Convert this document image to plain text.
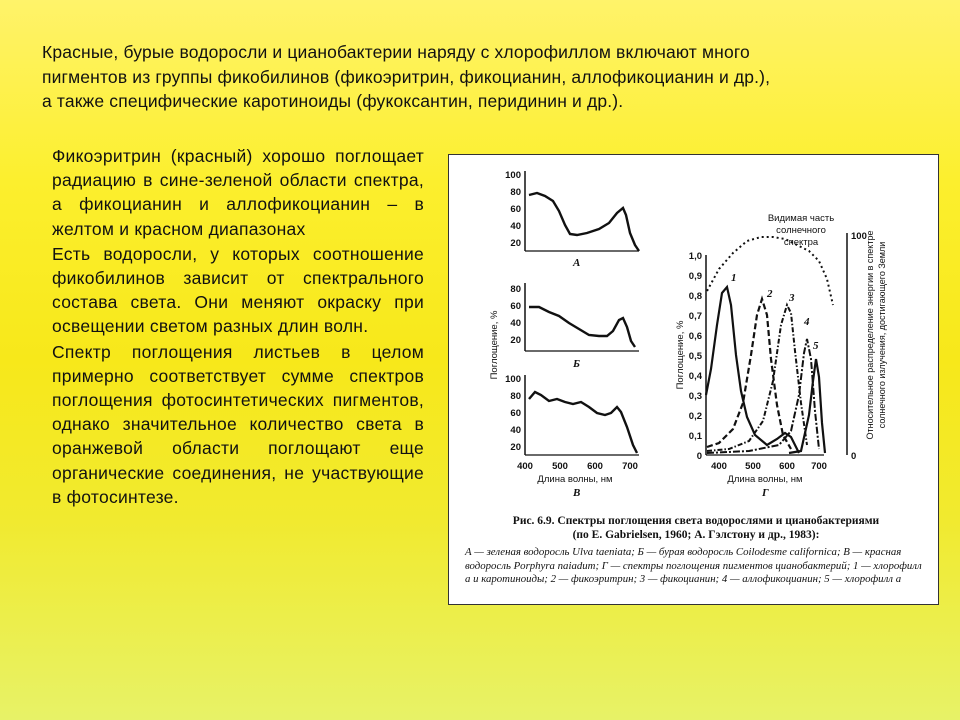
Красные, бурые водоросли и цианобактерии наряду с хлорофиллом включают много

пигментов из группы фикобилинов (фикоэритрин, фикоцианин, аллофикоцианин и др.),

а также специфические каротиноиды (фукоксантин, перидинин и др.).

Фикоэритрин (красный) хорошо поглощает радиацию в сине-зеленой области спектра, а фикоцианин и аллофикоцианин – в желтом и красном диапазонах

Есть водоросли, у которых соотношение фикобилинов зависит от спектрального состава света. Они меняют окраску при освещении светом разных длин волн.

Спектр поглощения листьев в целом примерно соответствует сумме спектров поглощения фотосинтетических пигментов, однако значительное количество света в оранжевой области поглощают еще органические соединения, не участвующие в фотосинтезе.

100
80
60
40
20
А
80
60
40
20
Б
100
80
60
40
20
400 500 600 700
Длина волны, нм
В
Поглощение, %
1,0
0,9
0,8
0,7
0,6
0,5
0,4
0,3
0,2
0,1
0
400 500 600 700
Поглощение, %
Длина волны, нм
Г
100
0
Относительное распределение энергии в спектре солнечного излучения, достигающего Земли
Видимая часть
солнечного
спектра
1
2 3
4
5

Рис. 6.9. Спектры поглощения света водорослями и цианобактериями

(по E. Gabrielsen, 1960; А. Гэлстону и др., 1983):

А — зеленая водоросль Ulva taeniata; Б — бурая водоросль Coilodesme californica; В — красная водоросль Porphyra naiadum; Г — спектры поглощения пигментов цианобактерий; 1 — хлорофилл а и каротиноиды; 2 — фикоэритрин; 3 — фикоцианин; 4 — аллофикоцианин; 5 — хлорофилл а
